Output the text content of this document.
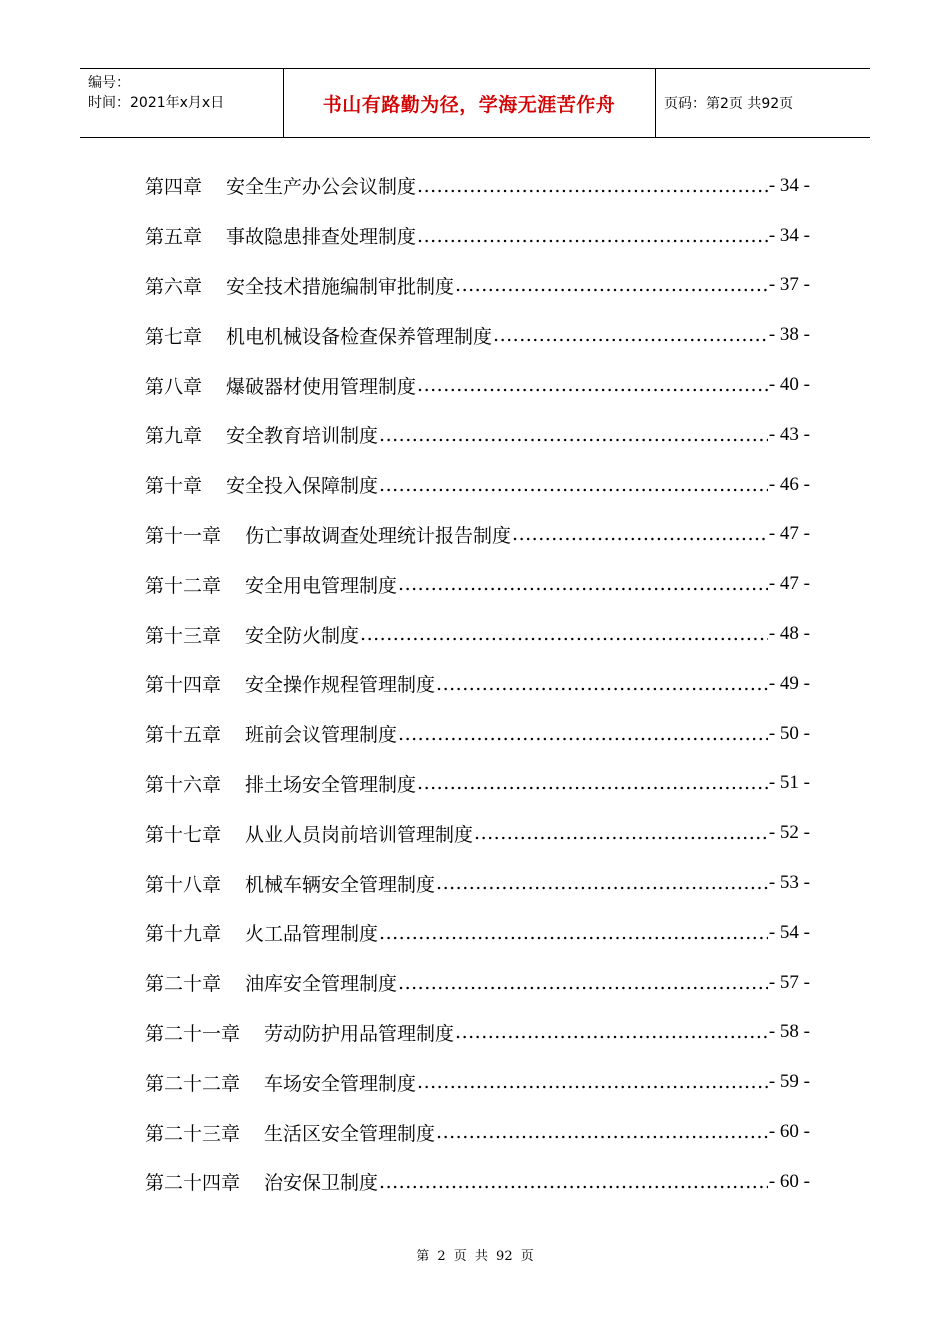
编号：
时间：2021年x月x日	书山有路勤为径，学海无涯苦作舟	页码：第2页 共92页
第四章 安全生产办公会议制度 .....	- 34 -
第五章 事故隐患排查处理制度 .....	- 34 -
第六章 安全技术措施编制审批制度 .....	- 37 -
第七章 机电机械设备检查保养管理制度 .....	- 38 -
第八章 爆破器材使用管理制度 .....	- 40 -
第九章 安全教育培训制度 .....	- 43 -
第十章 安全投入保障制度 .....	- 46 -
第十一章 伤亡事故调查处理统计报告制度 .....	- 47 -
第十二章 安全用电管理制度 .....	- 47 -
第十三章 安全防火制度 .....	- 48 -
第十四章 安全操作规程管理制度 .....	- 49 -
第十五章 班前会议管理制度 .....	- 50 -
第十六章 排土场安全管理制度 .....	- 51 -
第十七章 从业人员岗前培训管理制度 .....	- 52 -
第十八章 机械车辆安全管理制度 .....	- 53 -
第十九章 火工品管理制度 .....	- 54 -
第二十章 油库安全管理制度 .....	- 57 -
第二十一章 劳动防护用品管理制度 .....	- 58 -
第二十二章 车场安全管理制度 .....	- 59 -
第二十三章 生活区安全管理制度 .....	- 60 -
第二十四章 治安保卫制度 .....	- 60 -
第 2 页 共 92 页
